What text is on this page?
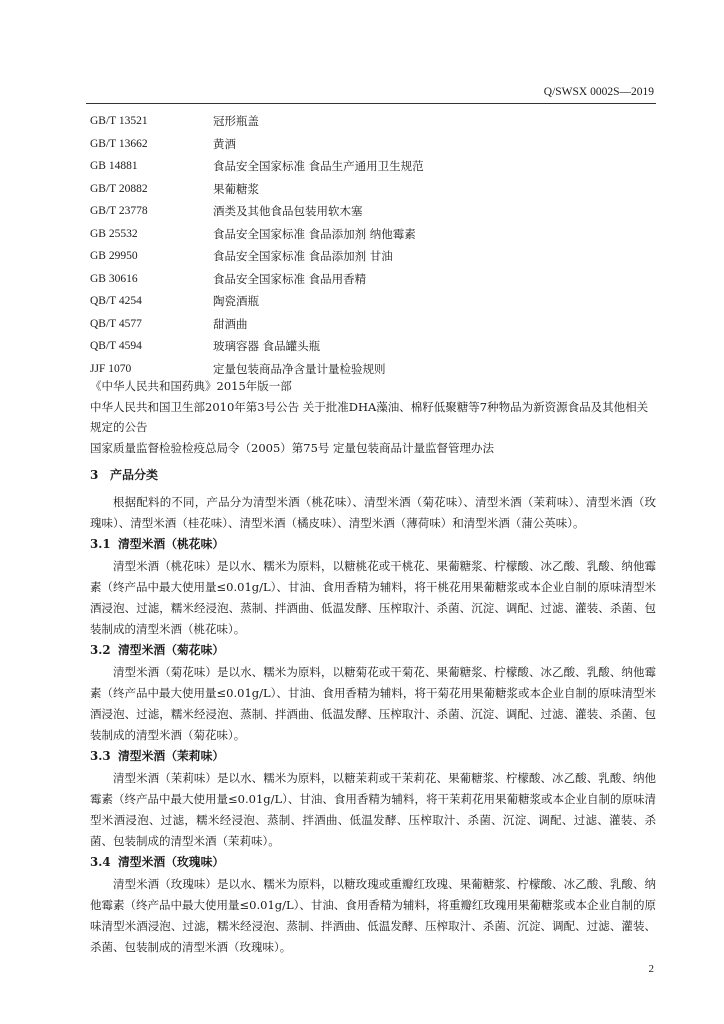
Q/SWSX 0002S—2019
GB/T 13521	冠形瓶盖
GB/T 13662	黄酒
GB 14881	食品安全国家标准 食品生产通用卫生规范
GB/T 20882	果葡糖浆
GB/T 23778	酒类及其他食品包装用软木塞
GB 25532	食品安全国家标准 食品添加剂 纳他霉素
GB 29950	食品安全国家标准 食品添加剂 甘油
GB 30616	食品安全国家标准 食品用香精
QB/T 4254	陶瓷酒瓶
QB/T 4577	甜酒曲
QB/T 4594	玻璃容器 食品罐头瓶
JJF 1070	定量包装商品净含量计量检验规则

《中华人民共和国药典》2015年版一部

中华人民共和国卫生部2010年第3号公告 关于批准DHA藻油、棉籽低聚糖等7种物品为新资源食品及其他相关规定的公告

国家质量监督检验检疫总局令（2005）第75号 定量包装商品计量监督管理办法

3 产品分类

根据配料的不同，产品分为清型米酒（桃花味）、清型米酒（菊花味）、清型米酒（茉莉味）、清型米酒（玫瑰味）、清型米酒（桂花味）、清型米酒（橘皮味）、清型米酒（薄荷味）和清型米酒（蒲公英味）。

3.1 清型米酒（桃花味）

清型米酒（桃花味）是以水、糯米为原料，以糖桃花或干桃花、果葡糖浆、柠檬酸、冰乙酸、乳酸、纳他霉素（终产品中最大使用量≤0.01g/L）、甘油、食用香精为辅料，将干桃花用果葡糖浆或本企业自制的原味清型米酒浸泡、过滤，糯米经浸泡、蒸制、拌酒曲、低温发酵、压榨取汁、杀菌、沉淀、调配、过滤、灌装、杀菌、包装制成的清型米酒（桃花味）。

3.2 清型米酒（菊花味）

清型米酒（菊花味）是以水、糯米为原料，以糖菊花或干菊花、果葡糖浆、柠檬酸、冰乙酸、乳酸、纳他霉素（终产品中最大使用量≤0.01g/L）、甘油、食用香精为辅料，将干菊花用果葡糖浆或本企业自制的原味清型米酒浸泡、过滤，糯米经浸泡、蒸制、拌酒曲、低温发酵、压榨取汁、杀菌、沉淀、调配、过滤、灌装、杀菌、包装制成的清型米酒（菊花味）。

3.3 清型米酒（茉莉味）

清型米酒（茉莉味）是以水、糯米为原料，以糖茉莉或干茉莉花、果葡糖浆、柠檬酸、冰乙酸、乳酸、纳他霉素（终产品中最大使用量≤0.01g/L）、甘油、食用香精为辅料，将干茉莉花用果葡糖浆或本企业自制的原味清型米酒浸泡、过滤，糯米经浸泡、蒸制、拌酒曲、低温发酵、压榨取汁、杀菌、沉淀、调配、过滤、灌装、杀菌、包装制成的清型米酒（茉莉味）。

3.4 清型米酒（玫瑰味）

清型米酒（玫瑰味）是以水、糯米为原料，以糖玫瑰或重瓣红玫瑰、果葡糖浆、柠檬酸、冰乙酸、乳酸、纳他霉素（终产品中最大使用量≤0.01g/L）、甘油、食用香精为辅料，将重瓣红玫瑰用果葡糖浆或本企业自制的原味清型米酒浸泡、过滤，糯米经浸泡、蒸制、拌酒曲、低温发酵、压榨取汁、杀菌、沉淀、调配、过滤、灌装、杀菌、包装制成的清型米酒（玫瑰味）。

2
